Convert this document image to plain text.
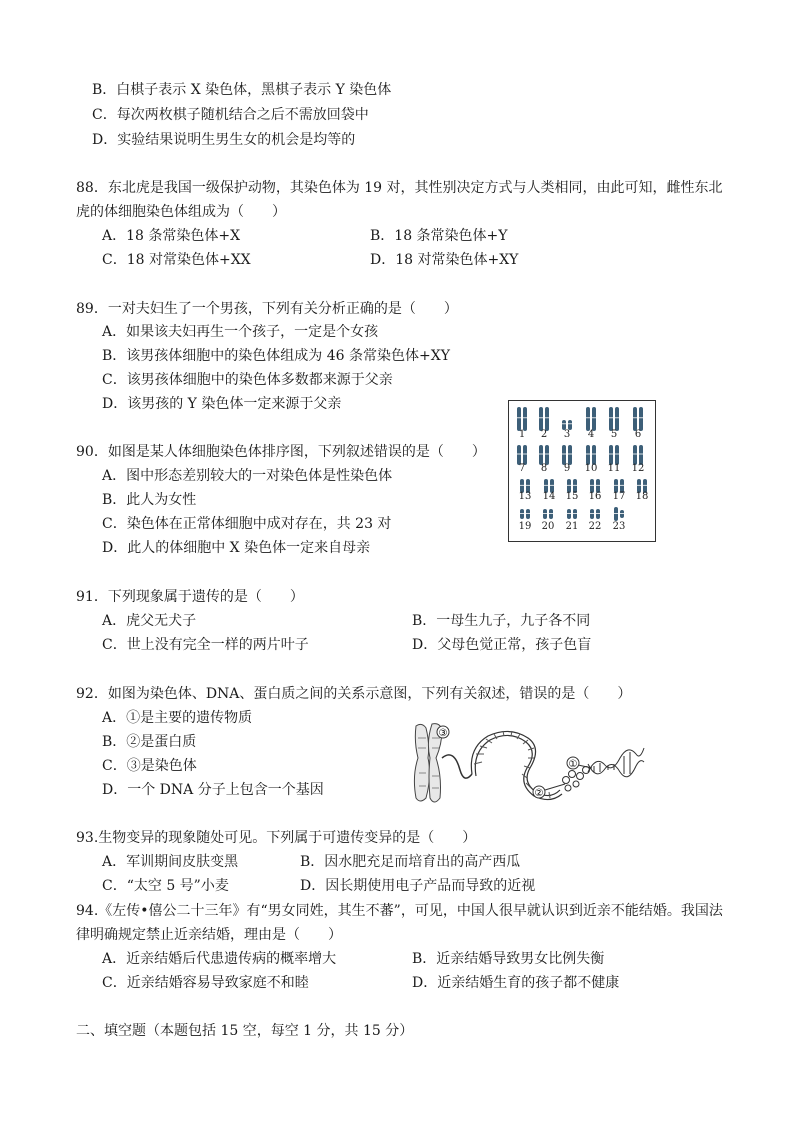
B．白棋子表示 X 染色体，黑棋子表示 Y 染色体
C．每次两枚棋子随机结合之后不需放回袋中
D．实验结果说明生男生女的机会是均等的
88．东北虎是我国一级保护动物，其染色体为 19 对，其性别决定方式与人类相同，由此可知，雌性东北
虎的体细胞染色体组成为（　　）
A．18 条常染色体+X	B．18 条常染色体+Y
C．18 对常染色体+XX	D．18 对常染色体+XY
89．一对夫妇生了一个男孩，下列有关分析正确的是（　　）
A．如果该夫妇再生一个孩子，一定是个女孩
B．该男孩体细胞中的染色体组成为 46 条常染色体+XY
C．该男孩体细胞中的染色体多数都来源于父亲
D．该男孩的 Y 染色体一定来源于父亲
90．如图是某人体细胞染色体排序图，下列叙述错误的是（　　）
A．图中形态差别较大的一对染色体是性染色体
B．此人为女性
C．染色体在正常体细胞中成对存在，共 23 对
D．此人的体细胞中 X 染色体一定来自母亲
1 2 3 4 5 6
7 8 9 10 11 12
13 14 15 16 17 18
19 20 21 22 23
91．下列现象属于遗传的是（　　）
A．虎父无犬子	B．一母生九子，九子各不同
C．世上没有完全一样的两片叶子	D．父母色觉正常，孩子色盲
92．如图为染色体、DNA、蛋白质之间的关系示意图，下列有关叙述，错误的是（　　）
A．①是主要的遗传物质
B．②是蛋白质
C．③是染色体
D．一个 DNA 分子上包含一个基因
③
①
②
93.生物变异的现象随处可见。下列属于可遗传变异的是（　　）
A．军训期间皮肤变黑	B．因水肥充足而培育出的高产西瓜
C．“太空 5 号”小麦	D．因长期使用电子产品而导致的近视
94.《左传•僖公二十三年》有“男女同姓，其生不蕃”，可见，中国人很早就认识到近亲不能结婚。我国法
律明确规定禁止近亲结婚，理由是（　　）
A．近亲结婚后代患遗传病的概率增大	B．近亲结婚导致男女比例失衡
C．近亲结婚容易导致家庭不和睦	D．近亲结婚生育的孩子都不健康
二、填空题（本题包括 15 空，每空 1 分，共 15 分）
